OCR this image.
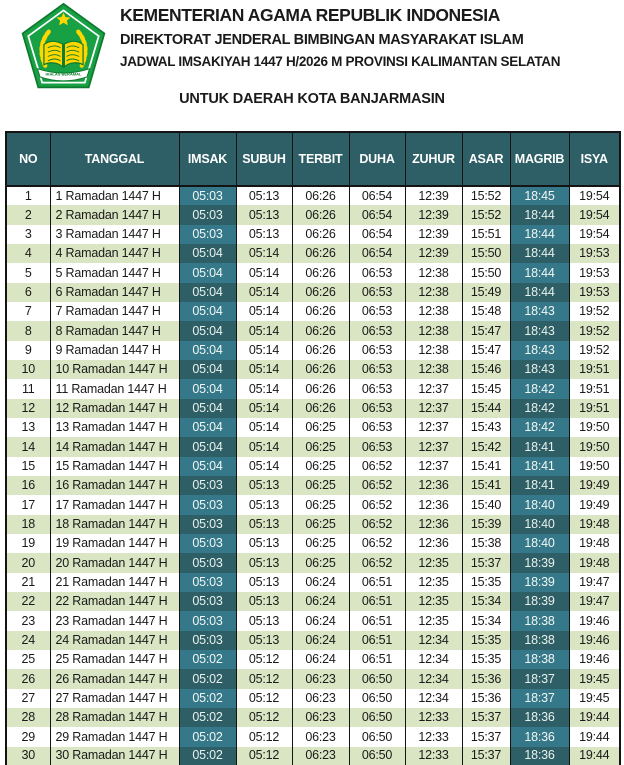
IKHLAS BERAMAL
KEMENTERIAN AGAMA REPUBLIK INDONESIA
DIREKTORAT JENDERAL BIMBINGAN MASYARAKAT ISLAM
JADWAL IMSAKIYAH 1447 H/2026 M PROVINSI KALIMANTAN SELATAN
UNTUK DAERAH KOTA BANJARMASIN
NO	TANGGAL	IMSAK	SUBUH	TERBIT	DUHA	ZUHUR	ASAR	MAGRIB	ISYA
1	1 Ramadan 1447 H	05:03	05:13	06:26	06:54	12:39	15:52	18:45	19:54
2	2 Ramadan 1447 H	05:03	05:13	06:26	06:54	12:39	15:52	18:44	19:54
3	3 Ramadan 1447 H	05:03	05:13	06:26	06:54	12:39	15:51	18:44	19:54
4	4 Ramadan 1447 H	05:04	05:14	06:26	06:54	12:39	15:50	18:44	19:53
5	5 Ramadan 1447 H	05:04	05:14	06:26	06:53	12:38	15:50	18:44	19:53
6	6 Ramadan 1447 H	05:04	05:14	06:26	06:53	12:38	15:49	18:44	19:53
7	7 Ramadan 1447 H	05:04	05:14	06:26	06:53	12:38	15:48	18:43	19:52
8	8 Ramadan 1447 H	05:04	05:14	06:26	06:53	12:38	15:47	18:43	19:52
9	9 Ramadan 1447 H	05:04	05:14	06:26	06:53	12:38	15:47	18:43	19:52
10	10 Ramadan 1447 H	05:04	05:14	06:26	06:53	12:38	15:46	18:43	19:51
11	11 Ramadan 1447 H	05:04	05:14	06:26	06:53	12:37	15:45	18:42	19:51
12	12 Ramadan 1447 H	05:04	05:14	06:26	06:53	12:37	15:44	18:42	19:51
13	13 Ramadan 1447 H	05:04	05:14	06:25	06:53	12:37	15:43	18:42	19:50
14	14 Ramadan 1447 H	05:04	05:14	06:25	06:53	12:37	15:42	18:41	19:50
15	15 Ramadan 1447 H	05:04	05:14	06:25	06:52	12:37	15:41	18:41	19:50
16	16 Ramadan 1447 H	05:03	05:13	06:25	06:52	12:36	15:41	18:41	19:49
17	17 Ramadan 1447 H	05:03	05:13	06:25	06:52	12:36	15:40	18:40	19:49
18	18 Ramadan 1447 H	05:03	05:13	06:25	06:52	12:36	15:39	18:40	19:48
19	19 Ramadan 1447 H	05:03	05:13	06:25	06:52	12:36	15:38	18:40	19:48
20	20 Ramadan 1447 H	05:03	05:13	06:25	06:52	12:35	15:37	18:39	19:48
21	21 Ramadan 1447 H	05:03	05:13	06:24	06:51	12:35	15:35	18:39	19:47
22	22 Ramadan 1447 H	05:03	05:13	06:24	06:51	12:35	15:34	18:39	19:47
23	23 Ramadan 1447 H	05:03	05:13	06:24	06:51	12:35	15:34	18:38	19:46
24	24 Ramadan 1447 H	05:03	05:13	06:24	06:51	12:34	15:35	18:38	19:46
25	25 Ramadan 1447 H	05:02	05:12	06:24	06:51	12:34	15:35	18:38	19:46
26	26 Ramadan 1447 H	05:02	05:12	06:23	06:50	12:34	15:36	18:37	19:45
27	27 Ramadan 1447 H	05:02	05:12	06:23	06:50	12:34	15:36	18:37	19:45
28	28 Ramadan 1447 H	05:02	05:12	06:23	06:50	12:33	15:37	18:36	19:44
29	29 Ramadan 1447 H	05:02	05:12	06:23	06:50	12:33	15:37	18:36	19:44
30	30 Ramadan 1447 H	05:02	05:12	06:23	06:50	12:33	15:37	18:36	19:44
